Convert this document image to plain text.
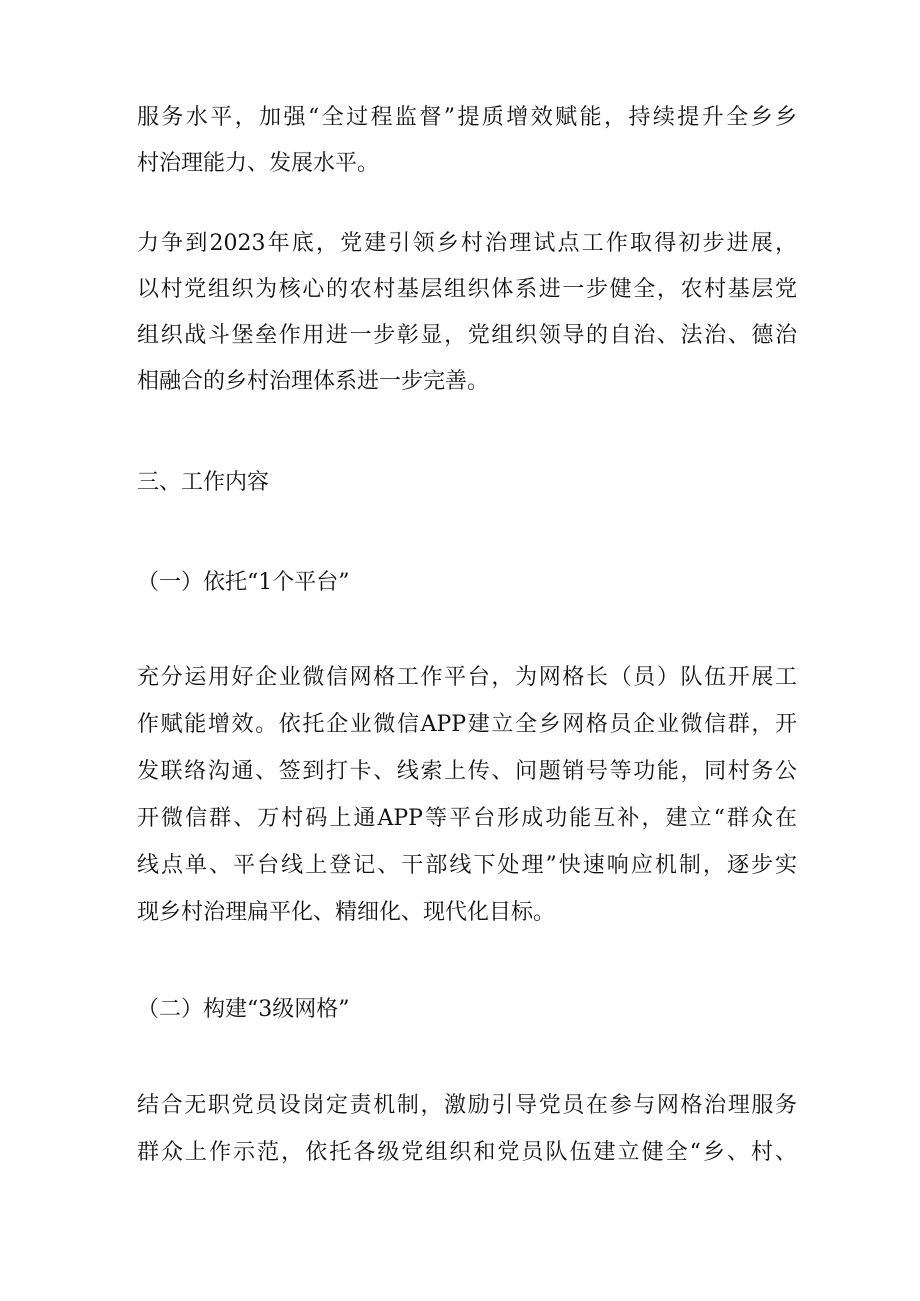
服务水平，加强“全过程监督”提质增效赋能，持续提升全乡乡
村治理能力、发展水平。
力争到2023年底，党建引领乡村治理试点工作取得初步进展，
以村党组织为核心的农村基层组织体系进一步健全，农村基层党
组织战斗堡垒作用进一步彰显，党组织领导的自治、法治、德治
相融合的乡村治理体系进一步完善。
三、工作内容
（一）依托“1个平台”
充分运用好企业微信网格工作平台，为网格长（员）队伍开展工
作赋能增效。依托企业微信APP建立全乡网格员企业微信群，开
发联络沟通、签到打卡、线索上传、问题销号等功能，同村务公
开微信群、万村码上通APP等平台形成功能互补，建立“群众在
线点单、平台线上登记、干部线下处理”快速响应机制，逐步实
现乡村治理扁平化、精细化、现代化目标。
（二）构建“3级网格”
结合无职党员设岗定责机制，激励引导党员在参与网格治理服务
群众上作示范，依托各级党组织和党员队伍建立健全“乡、村、
